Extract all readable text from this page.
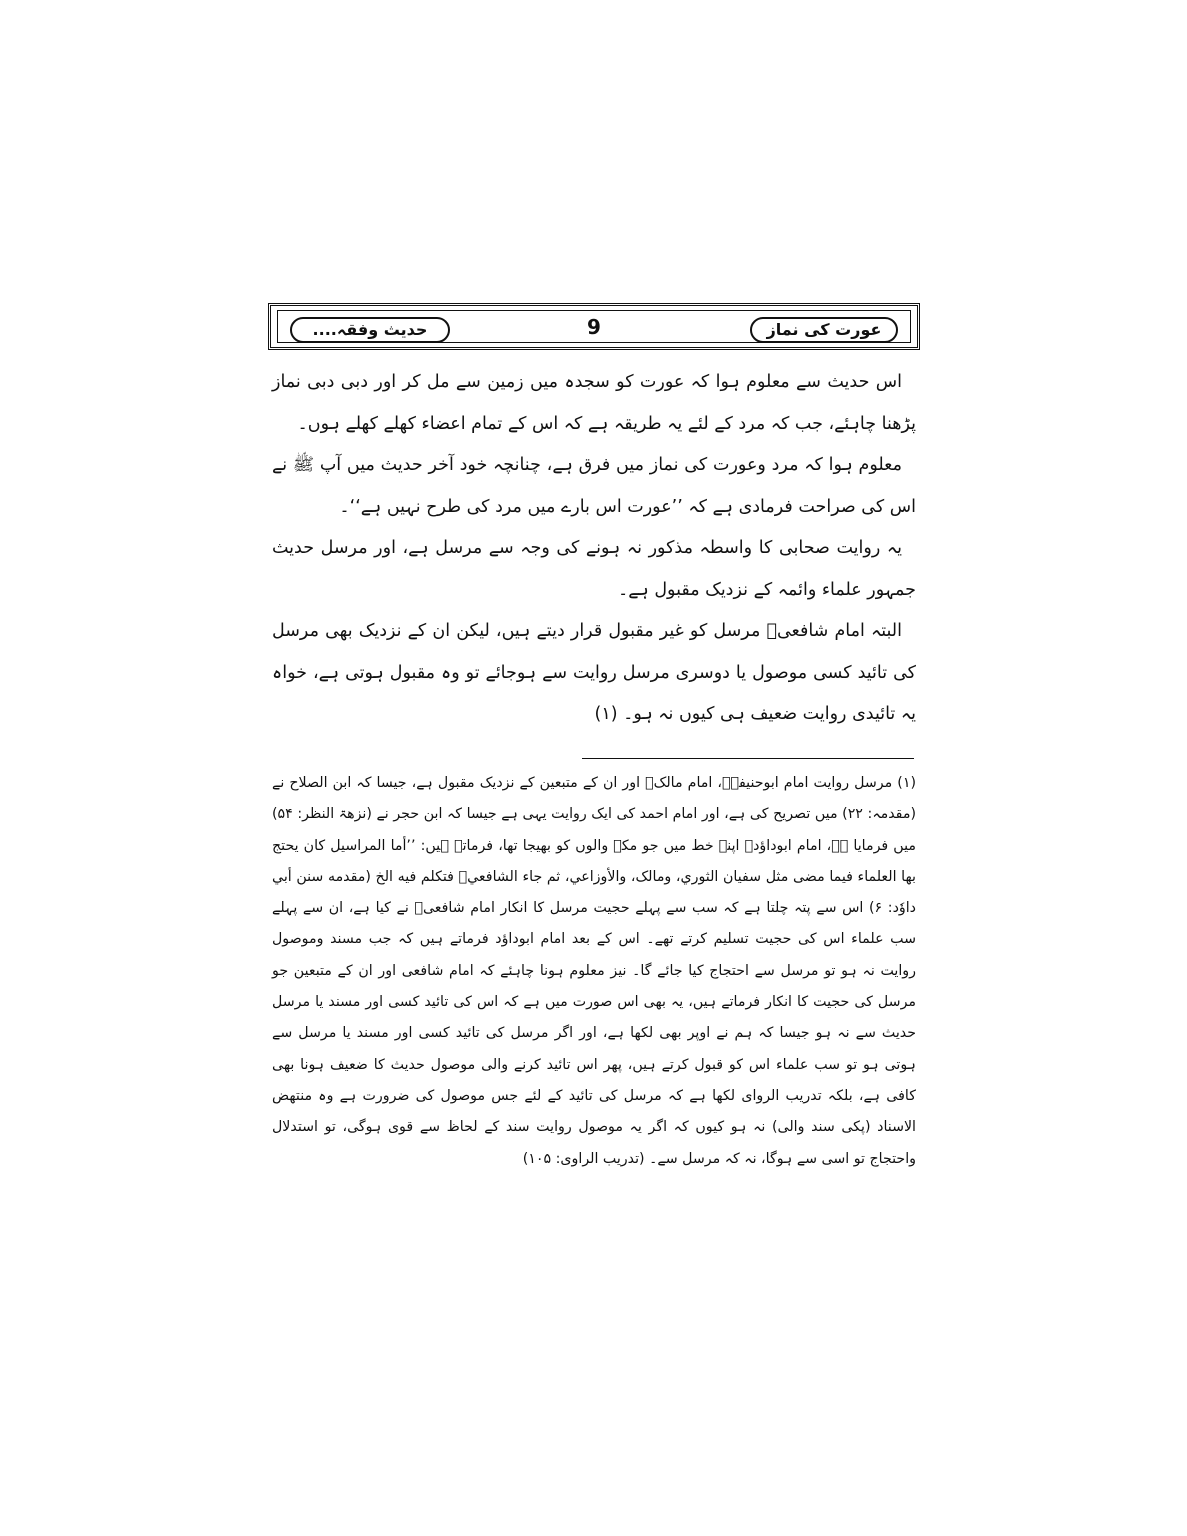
حدیث وفقہ....	9	عورت کی نماز

اس حدیث سے معلوم ہوا کہ عورت کو سجدہ میں زمین سے مل کر اور دبی دبی نماز پڑھنا چاہئے، جب کہ مرد کے لئے یہ طریقہ ہے کہ اس کے تمام اعضاء کھلے کھلے ہوں۔

معلوم ہوا کہ مرد وعورت کی نماز میں فرق ہے، چنانچہ خود آخر حدیث میں آپ ﷺ نے اس کی صراحت فرمادی ہے کہ ’’عورت اس بارے میں مرد کی طرح نہیں ہے‘‘۔

یہ روایت صحابی کا واسطہ مذکور نہ ہونے کی وجہ سے مرسل ہے، اور مرسل حدیث جمہور علماء وائمہ کے نزدیک مقبول ہے۔

البتہ امام شافعیؒ مرسل کو غیر مقبول قرار دیتے ہیں، لیکن ان کے نزدیک بھی مرسل کی تائید کسی موصول یا دوسری مرسل روایت سے ہوجائے تو وہ مقبول ہوتی ہے، خواہ یہ تائیدی روایت ضعیف ہی کیوں نہ ہو۔ (۱)

(۱) مرسل روایت امام ابوحنیفہؒ، امام مالکؒ اور ان کے متبعین کے نزدیک مقبول ہے، جیسا کہ ابن الصلاح نے (مقدمہ: ۲۲) میں تصریح کی ہے، اور امام احمد کی ایک روایت یہی ہے جیسا کہ ابن حجر نے (نزھۃ النظر: ۵۴) میں فرمایا ہے، امام ابوداؤدؒ اپنے خط میں جو مکہ والوں کو بھیجا تھا، فرماتے ہیں: ’’أما المراسیل کان یحتج بھا العلماء فیما مضی مثل سفیان الثوري، ومالک، والأوزاعي، ثم جاء الشافعيؒ فتکلم فیه الخ (مقدمه سنن أبي داوٗد: ۶) اس سے پتہ چلتا ہے کہ سب سے پہلے حجیت مرسل کا انکار امام شافعیؒ نے کیا ہے، ان سے پہلے سب علماء اس کی حجیت تسلیم کرتے تھے۔ اس کے بعد امام ابوداؤد فرماتے ہیں کہ جب مسند وموصول روایت نہ ہو تو مرسل سے احتجاج کیا جائے گا۔ نیز معلوم ہونا چاہئے کہ امام شافعی اور ان کے متبعین جو مرسل کی حجیت کا انکار فرماتے ہیں، یہ بھی اس صورت میں ہے کہ اس کی تائید کسی اور مسند یا مرسل حدیث سے نہ ہو جیسا کہ ہم نے اوپر بھی لکھا ہے، اور اگر مرسل کی تائید کسی اور مسند یا مرسل سے ہوتی ہو تو سب علماء اس کو قبول کرتے ہیں، پھر اس تائید کرنے والی موصول حدیث کا ضعیف ہونا بھی کافی ہے، بلکہ تدریب الروای لکھا ہے کہ مرسل کی تائید کے لئے جس موصول کی ضرورت ہے وہ منتھض الاسناد (پکی سند والی) نہ ہو کیوں کہ اگر یہ موصول روایت سند کے لحاظ سے قوی ہوگی، تو استدلال واحتجاج تو اسی سے ہوگا، نہ کہ مرسل سے۔ (تدریب الراوی: ۱۰۵)
